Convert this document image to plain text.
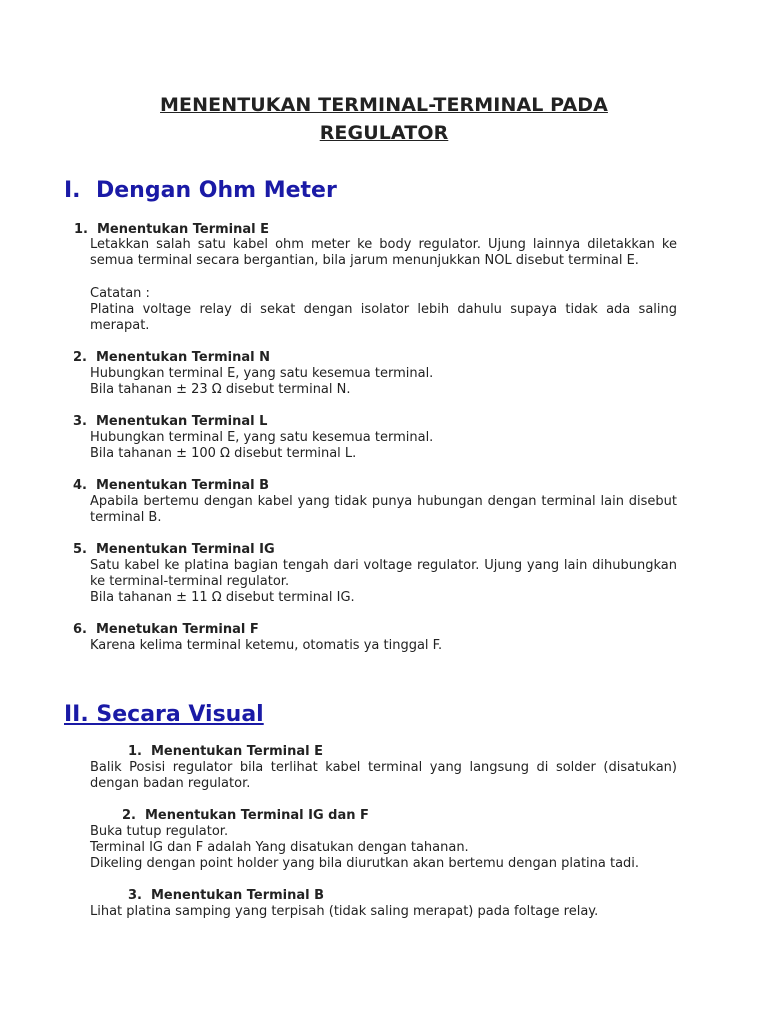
MENENTUKAN TERMINAL-TERMINAL PADA
REGULATOR
I. Dengan Ohm Meter
1. Menentukan Terminal E

Letakkan salah satu kabel ohm meter ke body regulator. Ujung lainnya diletakkan ke semua terminal secara bergantian, bila jarum menunjukkan NOL disebut terminal E.

Catatan :

Platina voltage relay di sekat dengan isolator lebih dahulu supaya tidak ada saling merapat.

2. Menentukan Terminal N
Hubungkan terminal E, yang satu kesemua terminal.
Bila tahanan ± 23 Ω disebut terminal N.
3. Menentukan Terminal L
Hubungkan terminal E, yang satu kesemua terminal.
Bila tahanan ± 100 Ω disebut terminal L.
4. Menentukan Terminal B

Apabila bertemu dengan kabel yang tidak punya hubungan dengan terminal lain disebut terminal B.

5. Menentukan Terminal IG

Satu kabel ke platina bagian tengah dari voltage regulator. Ujung yang lain dihubungkan ke terminal-terminal regulator.

Bila tahanan ± 11 Ω disebut terminal IG.
6. Menetukan Terminal F
Karena kelima terminal ketemu, otomatis ya tinggal F.
II. Secara Visual
1. Menentukan Terminal E

Balik Posisi regulator bila terlihat kabel terminal yang langsung di solder (disatukan) dengan badan regulator.

2. Menentukan Terminal IG dan F
Buka tutup regulator.
Terminal IG dan F adalah Yang disatukan dengan tahanan.
Dikeling dengan point holder yang bila diurutkan akan bertemu dengan platina tadi.
3. Menentukan Terminal B
Lihat platina samping yang terpisah (tidak saling merapat) pada foltage relay.
